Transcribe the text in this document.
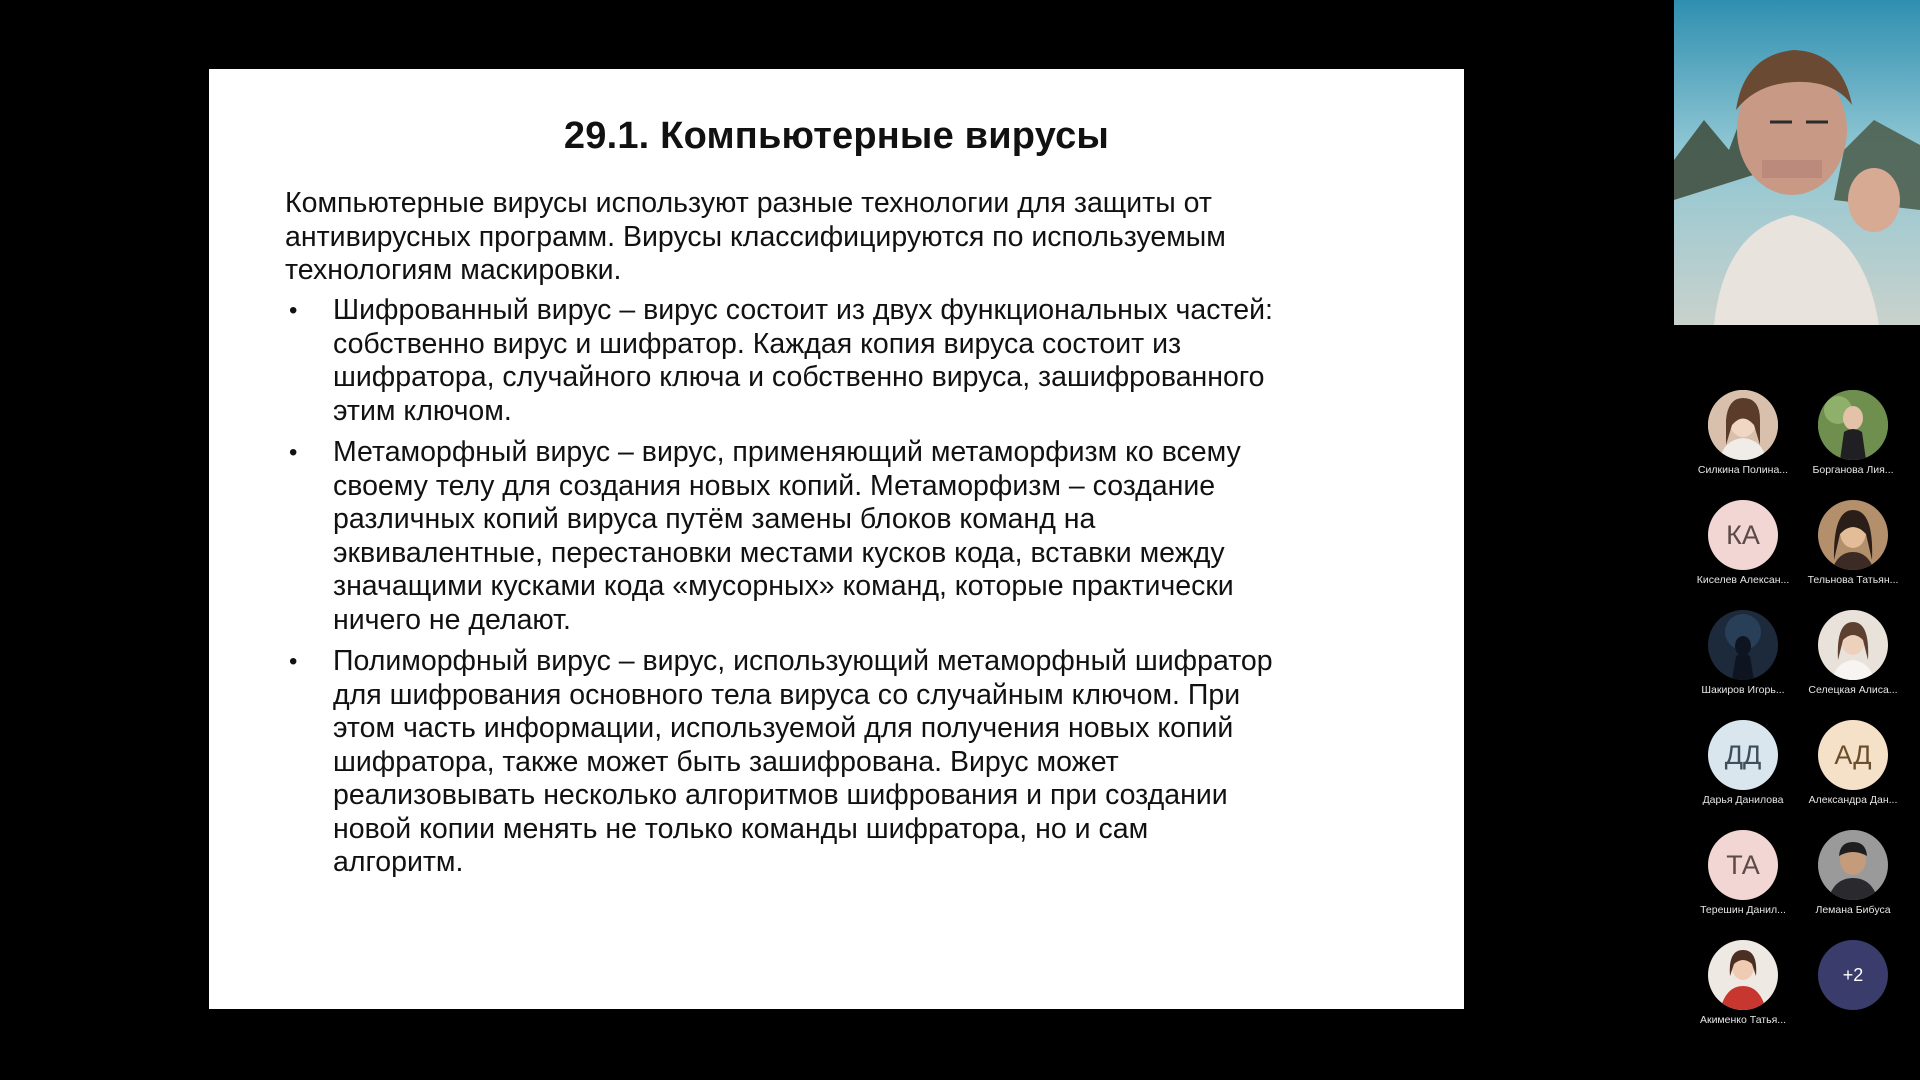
29.1. Компьютерные вирусы
Компьютерные вирусы используют разные технологии для защиты от
антивирусных программ. Вирусы классифицируются по используемым
технологиям маскировки.
• Шифрованный вирус – вирус состоит из двух функциональных частей:
собственно вирус и шифратор. Каждая копия вируса состоит из
шифратора, случайного ключа и собственно вируса, зашифрованного
этим ключом.
• Метаморфный вирус – вирус, применяющий метаморфизм ко всему
своему телу для создания новых копий. Метаморфизм – создание
различных копий вируса путём замены блоков команд на
эквивалентные, перестановки местами кусков кода, вставки между
значащими кусками кода «мусорных» команд, которые практически
ничего не делают.
• Полиморфный вирус – вирус, использующий метаморфный шифратор
для шифрования основного тела вируса со случайным ключом. При
этом часть информации, используемой для получения новых копий
шифратора, также может быть зашифрована. Вирус может
реализовывать несколько алгоритмов шифрования и при создании
новой копии менять не только команды шифратора, но и сам
алгоритм.
Силкина Полина...	Борганова Лия...
КА
Киселев Алексан...	Тельнова Татьян...
Шакиров Игорь...	Селецкая Алиса...
ДД
Дарья Данилова
АД
Александра Дан...
ТА
Терешин Данил...	Лемана Бибуса
Акименко Татья...
+2
